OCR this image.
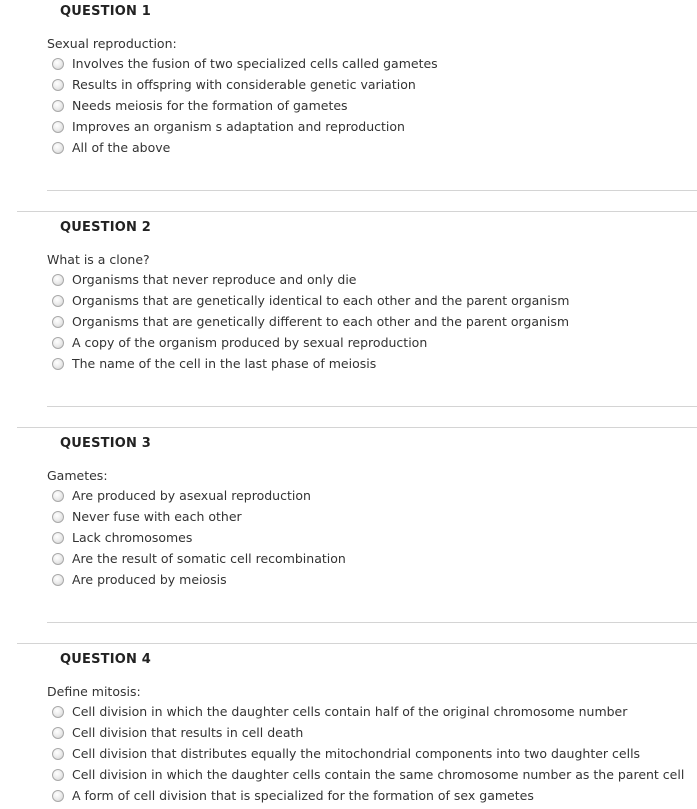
QUESTION 1
Sexual reproduction:
Involves the fusion of two specialized cells called gametes
Results in offspring with considerable genetic variation
Needs meiosis for the formation of gametes
Improves an organism s adaptation and reproduction
All of the above
QUESTION 2
What is a clone?
Organisms that never reproduce and only die
Organisms that are genetically identical to each other and the parent organism
Organisms that are genetically different to each other and the parent organism
A copy of the organism produced by sexual reproduction
The name of the cell in the last phase of meiosis
QUESTION 3
Gametes:
Are produced by asexual reproduction
Never fuse with each other
Lack chromosomes
Are the result of somatic cell recombination
Are produced by meiosis
QUESTION 4
Define mitosis:
Cell division in which the daughter cells contain half of the original chromosome number
Cell division that results in cell death
Cell division that distributes equally the mitochondrial components into two daughter cells
Cell division in which the daughter cells contain the same chromosome number as the parent cell
A form of cell division that is specialized for the formation of sex gametes
